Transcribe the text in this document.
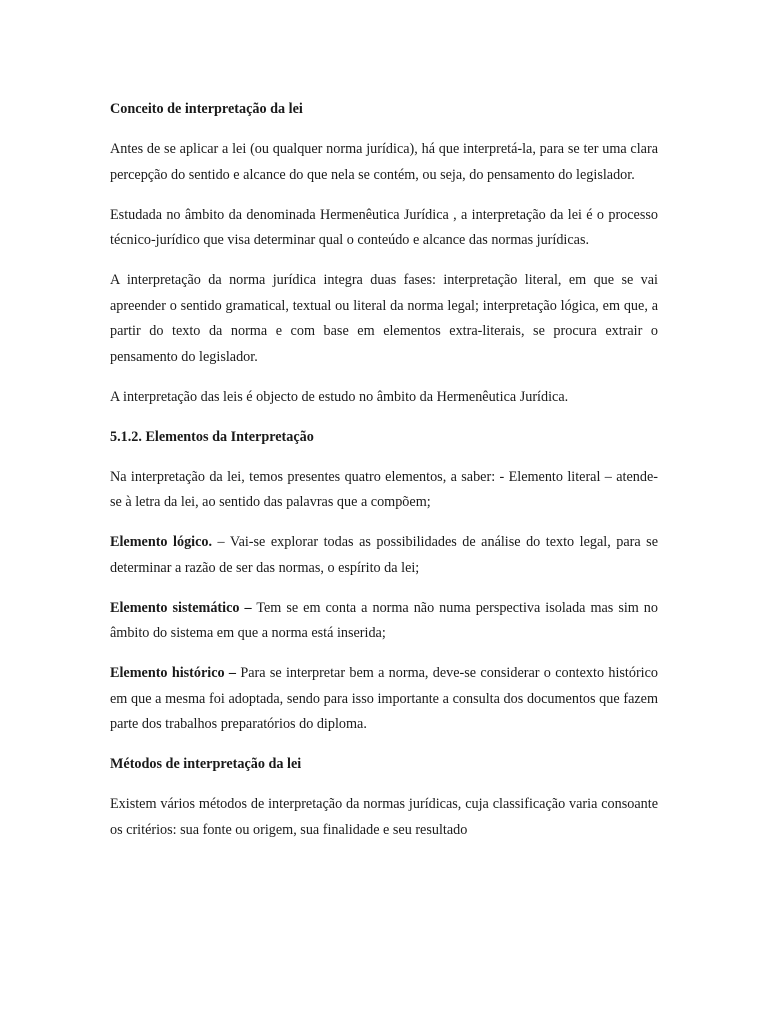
Conceito de interpretação da lei

Antes de se aplicar a lei (ou qualquer norma jurídica), há que interpretá-la, para se ter uma clara percepção do sentido e alcance do que nela se contém, ou seja, do pensamento do legislador.

Estudada no âmbito da denominada Hermenêutica Jurídica , a interpretação da lei é o processo técnico-jurídico que visa determinar qual o conteúdo e alcance das normas jurídicas.

A interpretação da norma jurídica integra duas fases: interpretação literal, em que se vai apreender o sentido gramatical, textual ou literal da norma legal; interpretação lógica, em que, a partir do texto da norma e com base em elementos extra-literais, se procura extrair o pensamento do legislador.

A interpretação das leis é objecto de estudo no âmbito da Hermenêutica Jurídica.

5.1.2. Elementos da Interpretação

Na interpretação da lei, temos presentes quatro elementos, a saber: - Elemento literal – atende-se à letra da lei, ao sentido das palavras que a compõem;

Elemento lógico. – Vai-se explorar todas as possibilidades de análise do texto legal, para se determinar a razão de ser das normas, o espírito da lei;

Elemento sistemático – Tem se em conta a norma não numa perspectiva isolada mas sim no âmbito do sistema em que a norma está inserida;

Elemento histórico – Para se interpretar bem a norma, deve-se considerar o contexto histórico em que a mesma foi adoptada, sendo para isso importante a consulta dos documentos que fazem parte dos trabalhos preparatórios do diploma.

Métodos de interpretação da lei

Existem vários métodos de interpretação da normas jurídicas, cuja classificação varia consoante os critérios: sua fonte ou origem, sua finalidade e seu resultado
